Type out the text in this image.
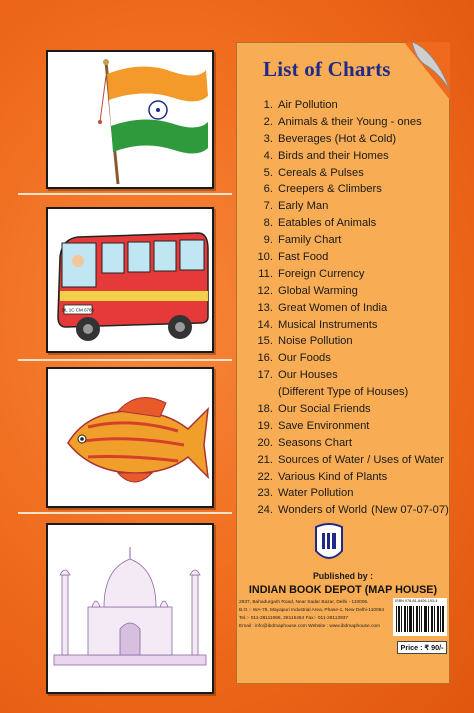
DL 1C CM 0786
List of Charts
1. Air Pollution
2. Animals & their Young - ones
3. Beverages (Hot & Cold)
4. Birds and their Homes
5. Cereals & Pulses
6. Creepers & Climbers
7. Early Man
8. Eatables of Animals
9. Family Chart
10. Fast Food
11. Foreign Currency
12. Global Warming
13. Great Women of India
14. Musical Instruments
15. Noise Pollution
16. Our Foods
17. Our Houses
(Different Type of Houses)
18. Our Social Friends
19. Save Environment
20. Seasons Chart
21. Sources of Water / Uses of Water
22. Various Kind of Plants
23. Water Pollution
24. Wonders of World (New 07-07-07)
Published by :
INDIAN BOOK DEPOT (MAP HOUSE)
2937, Bahadurgarh Road, Near Sadar Bazar, Delhi - 110006.
B.O.:- WA-78, Mayapuri Industrial Area, Phase-1, New Delhi-110064
Tel.:- 011-28111066, 28115454 Fax:- 011-28113937
Email : info@ibdmaphouse.com Website : www.ibdmaphouse.com
ISBN 978-81-8406-193-4
Price : ₹ 90/-
